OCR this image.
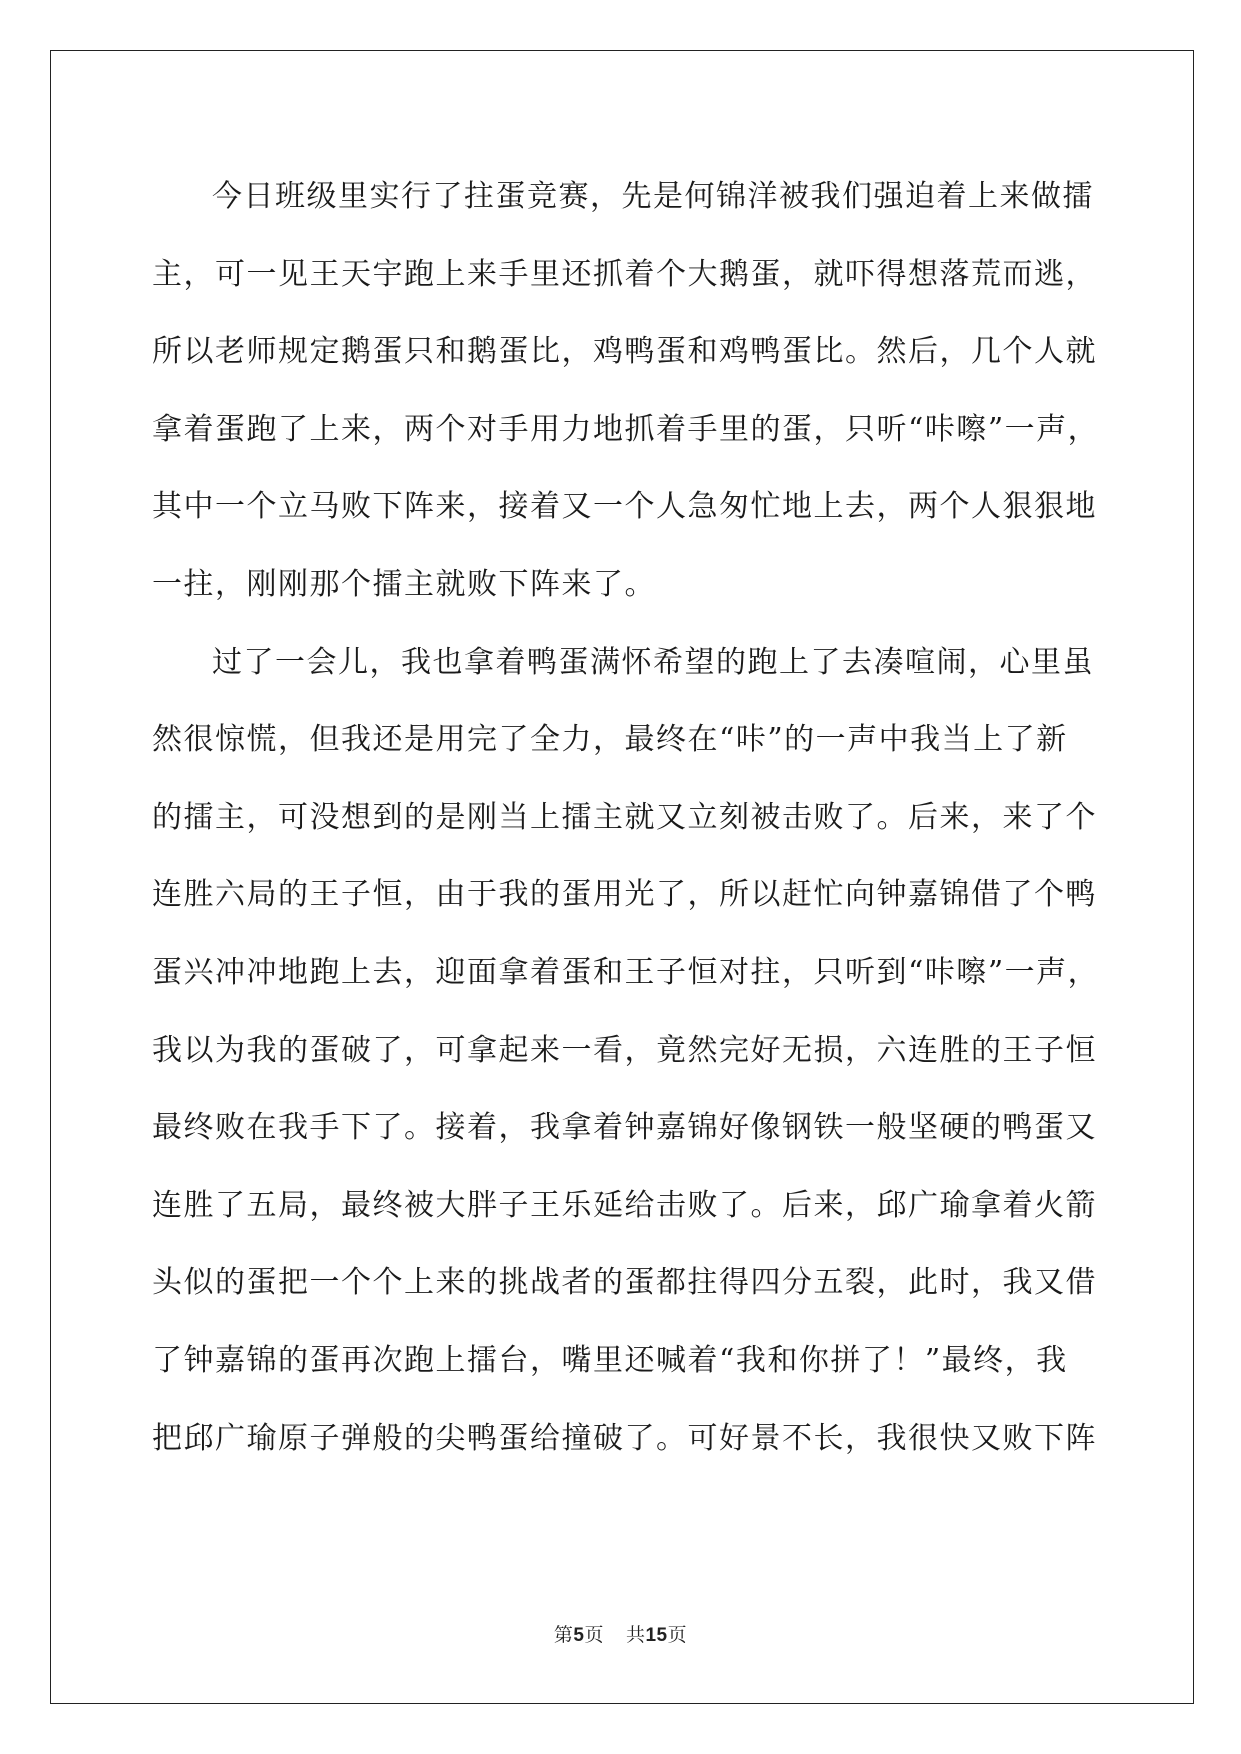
今日班级里实行了拄蛋竞赛，先是何锦洋被我们强迫着上来做擂

主，可一见王天宇跑上来手里还抓着个大鹅蛋，就吓得想落荒而逃，

所以老师规定鹅蛋只和鹅蛋比，鸡鸭蛋和鸡鸭蛋比。然后，几个人就

拿着蛋跑了上来，两个对手用力地抓着手里的蛋，只听“咔嚓”一声，

其中一个立马败下阵来，接着又一个人急匆忙地上去，两个人狠狠地

一拄，刚刚那个擂主就败下阵来了。

过了一会儿，我也拿着鸭蛋满怀希望的跑上了去凑喧闹，心里虽

然很惊慌，但我还是用完了全力，最终在“咔”的一声中我当上了新

的擂主，可没想到的是刚当上擂主就又立刻被击败了。后来，来了个

连胜六局的王子恒，由于我的蛋用光了，所以赶忙向钟嘉锦借了个鸭

蛋兴冲冲地跑上去，迎面拿着蛋和王子恒对拄，只听到“咔嚓”一声，

我以为我的蛋破了，可拿起来一看，竟然完好无损，六连胜的王子恒

最终败在我手下了。接着，我拿着钟嘉锦好像钢铁一般坚硬的鸭蛋又

连胜了五局，最终被大胖子王乐延给击败了。后来，邱广瑜拿着火箭

头似的蛋把一个个上来的挑战者的蛋都拄得四分五裂，此时，我又借

了钟嘉锦的蛋再次跑上擂台，嘴里还喊着“我和你拼了！”最终，我

把邱广瑜原子弹般的尖鸭蛋给撞破了。可好景不长，我很快又败下阵

第5页 共15页
